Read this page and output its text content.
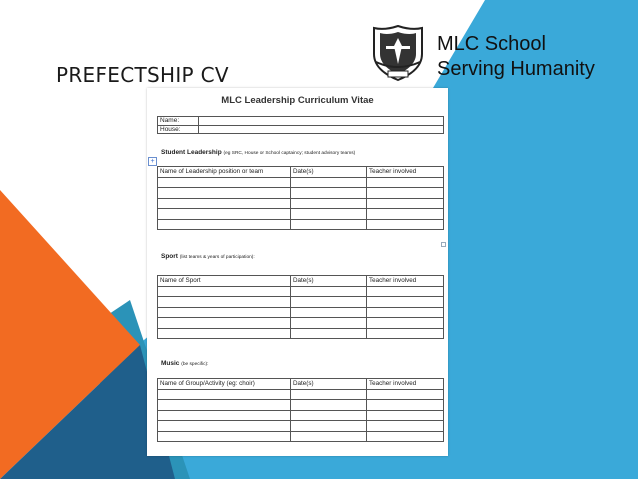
PREFECTSHIP CV
MLC School
Serving Humanity
MLC Leadership Curriculum Vitae
Name:	
House:	
+
Student Leadership (eg SRC, House or School captaincy; student advisory teams)
Name of Leadership position or team	Date(s)	Teacher involved

Sport (list teams & years of participation):
Name of Sport	Date(s)	Teacher involved

Music (be specific):
Name of Group/Activity (eg: choir)	Date(s)	Teacher involved
